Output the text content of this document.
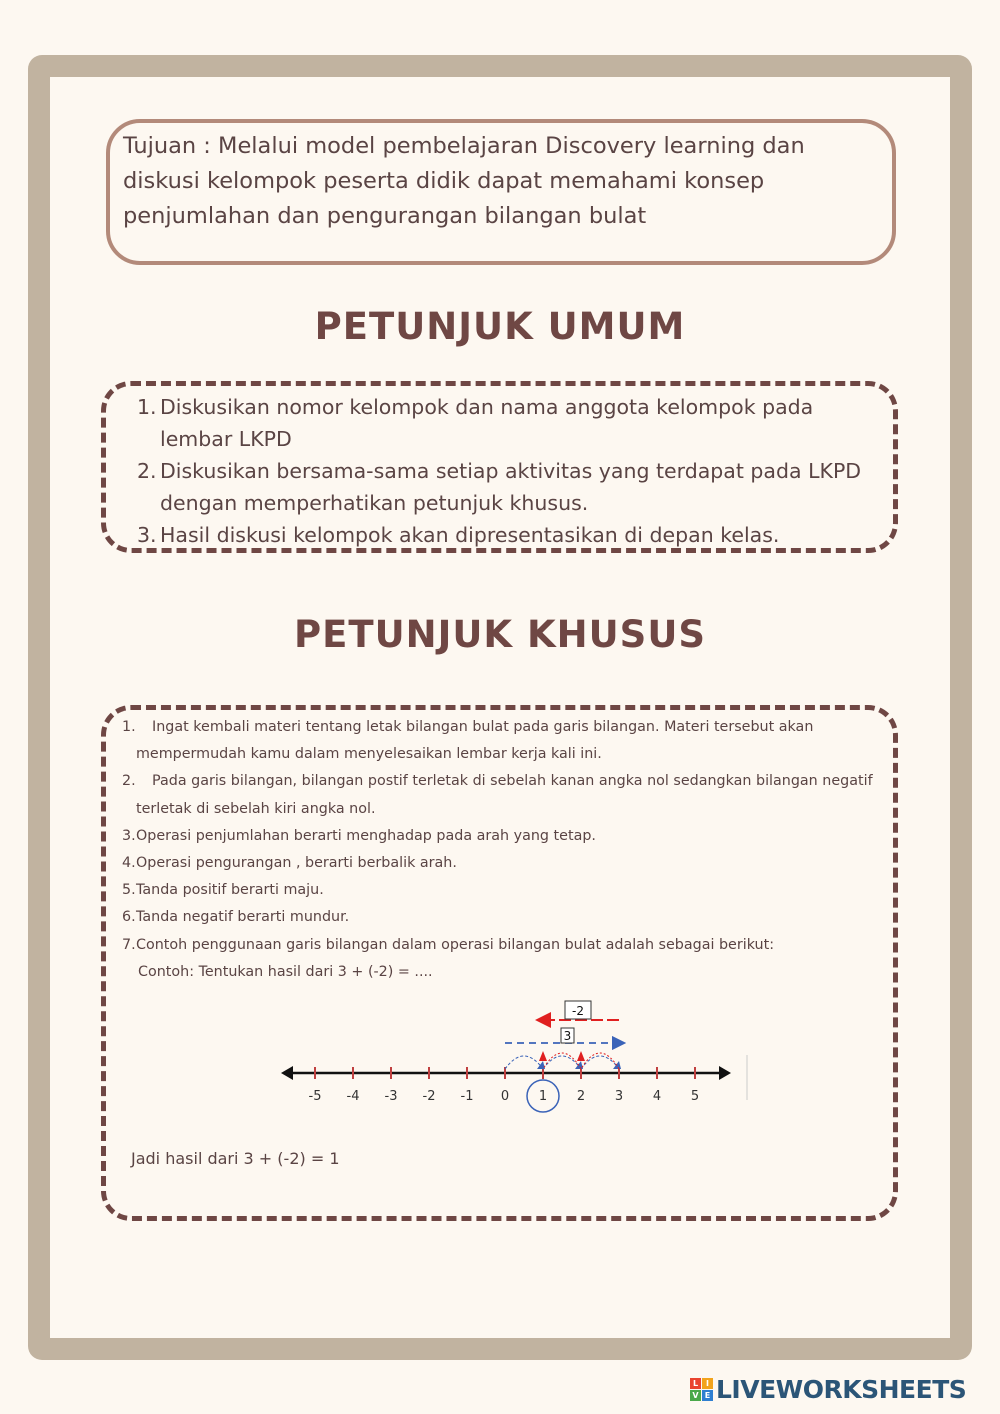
Tujuan : Melalui model pembelajaran Discovery learning dan
diskusi kelompok peserta didik dapat memahami konsep
penjumlahan dan pengurangan bilangan bulat
PETUNJUK UMUM
1. Diskusikan nomor kelompok dan nama anggota kelompok pada lembar LKPD
2. Diskusikan bersama-sama setiap aktivitas yang terdapat pada LKPD dengan memperhatikan petunjuk khusus.
3. Hasil diskusi kelompok akan dipresentasikan di depan kelas.
PETUNJUK KHUSUS
1. Ingat kembali materi tentang letak bilangan bulat pada garis bilangan. Materi tersebut akan
mempermudah kamu dalam menyelesaikan lembar kerja kali ini.
2. Pada garis bilangan, bilangan postif terletak di sebelah kanan angka nol sedangkan bilangan negatif
terletak di sebelah kiri angka nol.
3.Operasi penjumlahan berarti menghadap pada arah yang tetap.
4.Operasi pengurangan , berarti berbalik arah.
5.Tanda positif berarti maju.
6.Tanda negatif berarti mundur.
7.Contoh penggunaan garis bilangan dalam operasi bilangan bulat adalah sebagai berikut:
Contoh: Tentukan hasil dari 3 + (-2) = ....
-5 -4 -3 -2 -1 0 1 2 3 4 5
-2
3
Jadi hasil dari 3 + (-2) = 1
L I
V E LIVEWORKSHEETS
